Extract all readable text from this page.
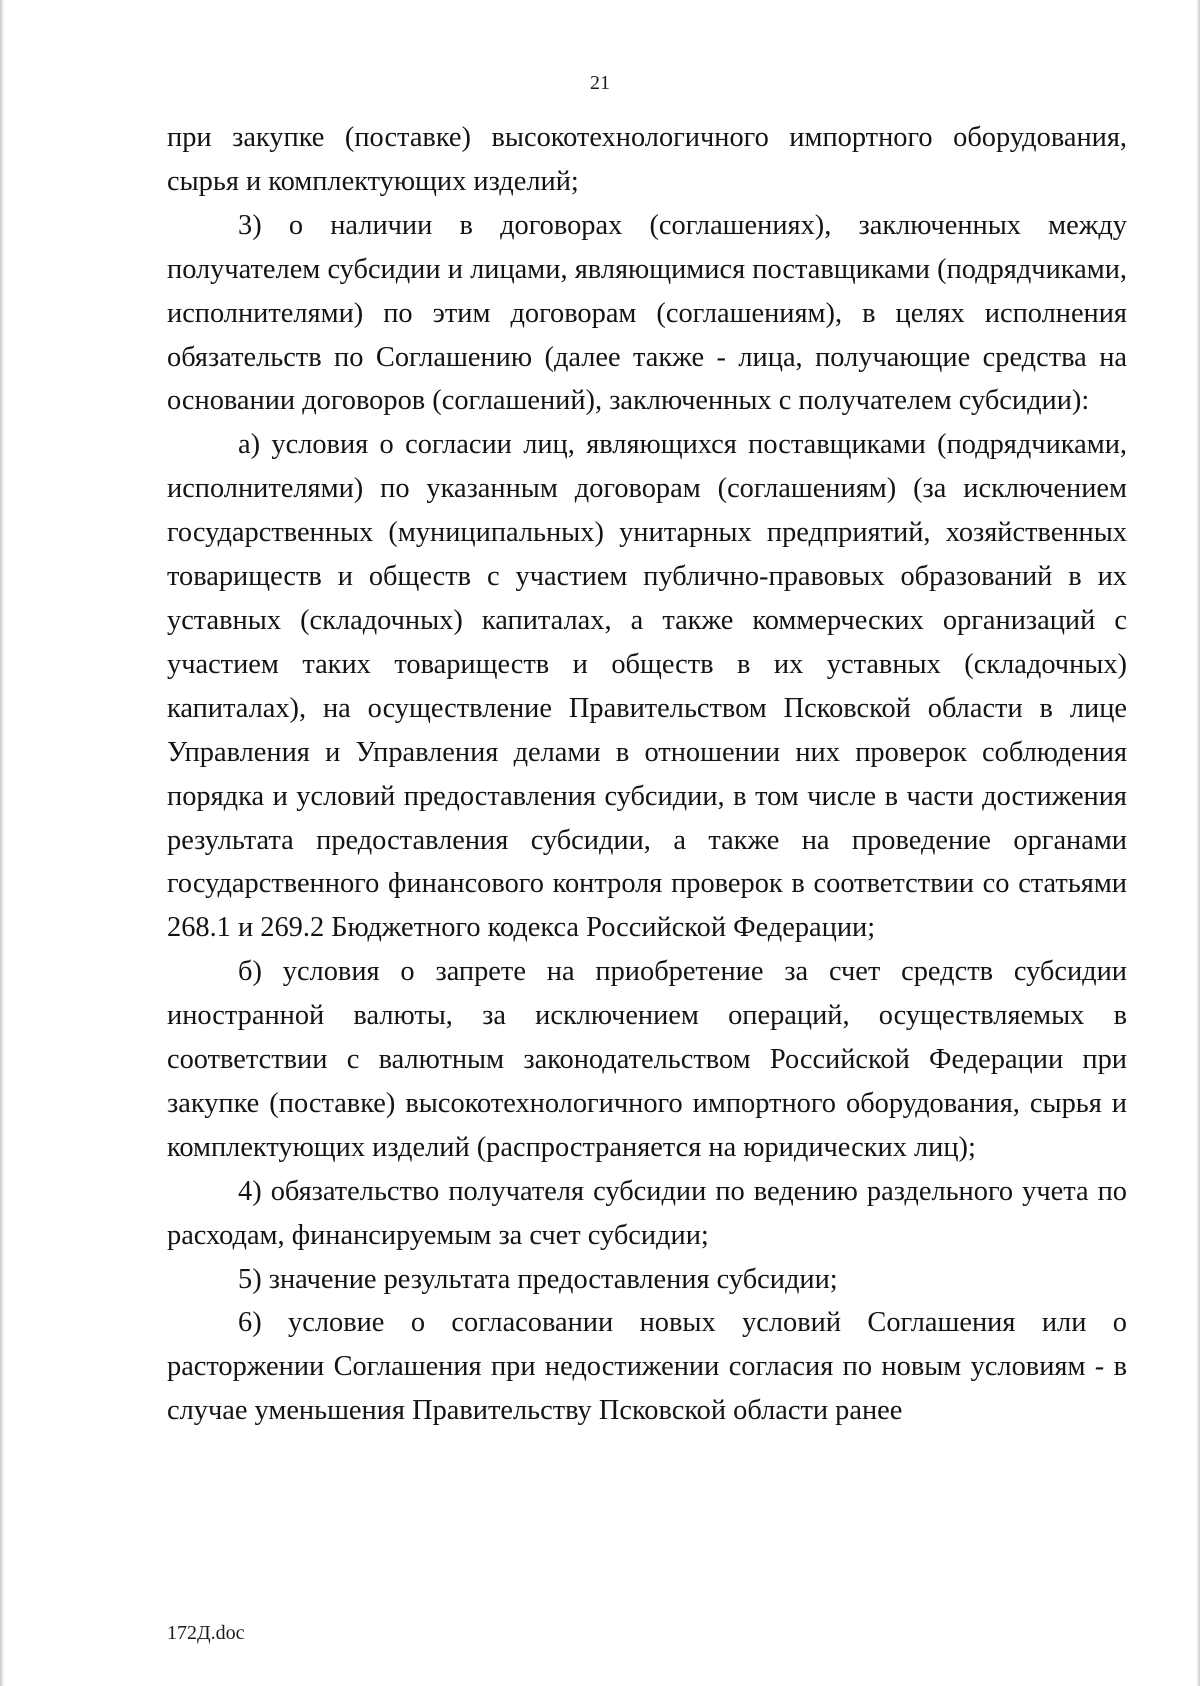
21

при закупке (поставке) высокотехнологичного импортного оборудования, сырья и комплектующих изделий;

3) о наличии в договорах (соглашениях), заключенных между получателем субсидии и лицами, являющимися поставщиками (подрядчиками, исполнителями) по этим договорам (соглашениям), в целях исполнения обязательств по Соглашению (далее также - лица, получающие средства на основании договоров (соглашений), заключенных с получателем субсидии):

а) условия о согласии лиц, являющихся поставщиками (подрядчиками, исполнителями) по указанным договорам (соглашениям) (за исключением государственных (муниципальных) унитарных предприятий, хозяйственных товариществ и обществ с участием публично-правовых образований в их уставных (складочных) капиталах, а также коммерческих организаций с участием таких товариществ и обществ в их уставных (складочных) капиталах), на осуществление Правительством Псковской области в лице Управления и Управления делами в отношении них проверок соблюдения порядка и условий предоставления субсидии, в том числе в части достижения результата предоставления субсидии, а также на проведение органами государственного финансового контроля проверок в соответствии со статьями 268.1 и 269.2 Бюджетного кодекса Российской Федерации;

б) условия о запрете на приобретение за счет средств субсидии иностранной валюты, за исключением операций, осуществляемых в соответствии с валютным законодательством Российской Федерации при закупке (поставке) высокотехнологичного импортного оборудования, сырья и комплектующих изделий (распространяется на юридических лиц);

4) обязательство получателя субсидии по ведению раздельного учета по расходам, финансируемым за счет субсидии;

5) значение результата предоставления субсидии;

6) условие о согласовании новых условий Соглашения или о расторжении Соглашения при недостижении согласия по новым условиям - в случае уменьшения Правительству Псковской области ранее

172Д.doc
